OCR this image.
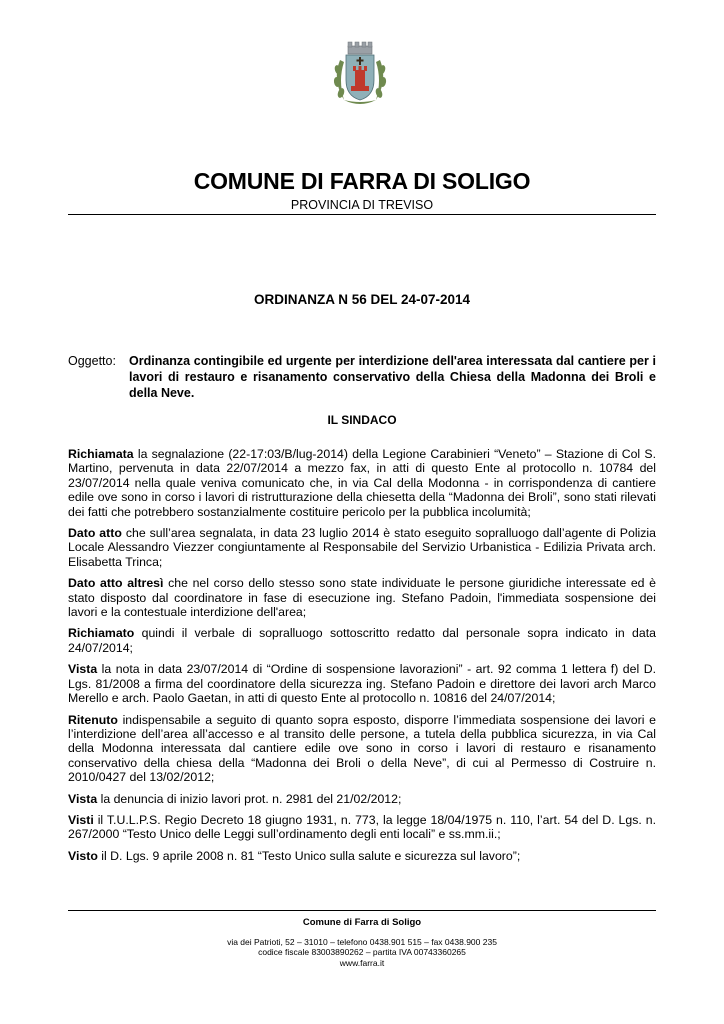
COMUNE DI FARRA DI SOLIGO
PROVINCIA DI TREVISO
ORDINANZA N 56 DEL 24-07-2014
Oggetto:	Ordinanza contingibile ed urgente per interdizione dell'area interessata dal cantiere per i lavori di restauro e risanamento conservativo della Chiesa della Madonna dei Broli e della Neve.
IL SINDACO

Richiamata la segnalazione (22-17:03/B/lug-2014) della Legione Carabinieri “Veneto” – Stazione di Col S. Martino, pervenuta in data 22/07/2014 a mezzo fax, in atti di questo Ente al protocollo n. 10784 del 23/07/2014 nella quale veniva comunicato che, in via Cal della Modonna - in corrispondenza di cantiere edile ove sono in corso i lavori di ristrutturazione della chiesetta della “Madonna dei Broli”, sono stati rilevati dei fatti che potrebbero sostanzialmente costituire pericolo per la pubblica incolumità;

Dato atto che sull’area segnalata, in data 23 luglio 2014 è stato eseguito sopralluogo dall’agente di Polizia Locale Alessandro Viezzer congiuntamente al Responsabile del Servizio Urbanistica - Edilizia Privata arch. Elisabetta Trinca;

Dato atto altresì che nel corso dello stesso sono state individuate le persone giuridiche interessate ed è stato disposto dal coordinatore in fase di esecuzione ing. Stefano Padoin, l'immediata sospensione dei lavori e la contestuale interdizione dell'area;

Richiamato quindi il verbale di sopralluogo sottoscritto redatto dal personale sopra indicato in data 24/07/2014;

Vista la nota in data 23/07/2014 di “Ordine di sospensione lavorazioni” - art. 92 comma 1 lettera f) del D. Lgs. 81/2008 a firma del coordinatore della sicurezza ing. Stefano Padoin e direttore dei lavori arch Marco Merello e arch. Paolo Gaetan, in atti di questo Ente al protocollo n. 10816 del 24/07/2014;

Ritenuto indispensabile a seguito di quanto sopra esposto, disporre l’immediata sospensione dei lavori e l’interdizione dell’area all’accesso e al transito delle persone, a tutela della pubblica sicurezza, in via Cal della Modonna interessata dal cantiere edile ove sono in corso i lavori di restauro e risanamento conservativo della chiesa della “Madonna dei Broli o della Neve”, di cui al Permesso di Costruire n. 2010/0427 del 13/02/2012;

Vista la denuncia di inizio lavori prot. n. 2981 del 21/02/2012;

Visti il T.U.L.P.S. Regio Decreto 18 giugno 1931, n. 773, la legge 18/04/1975 n. 110, l’art. 54 del D. Lgs. n. 267/2000 “Testo Unico delle Leggi sull’ordinamento degli enti locali” e ss.mm.ii.;

Visto il D. Lgs. 9 aprile 2008 n. 81 “Testo Unico sulla salute e sicurezza sul lavoro”;

Comune di Farra di Soligo
via dei Patrioti, 52 – 31010 – telefono 0438.901 515 – fax 0438.900 235
codice fiscale 83003890262 – partita IVA 00743360265
www.farra.it
